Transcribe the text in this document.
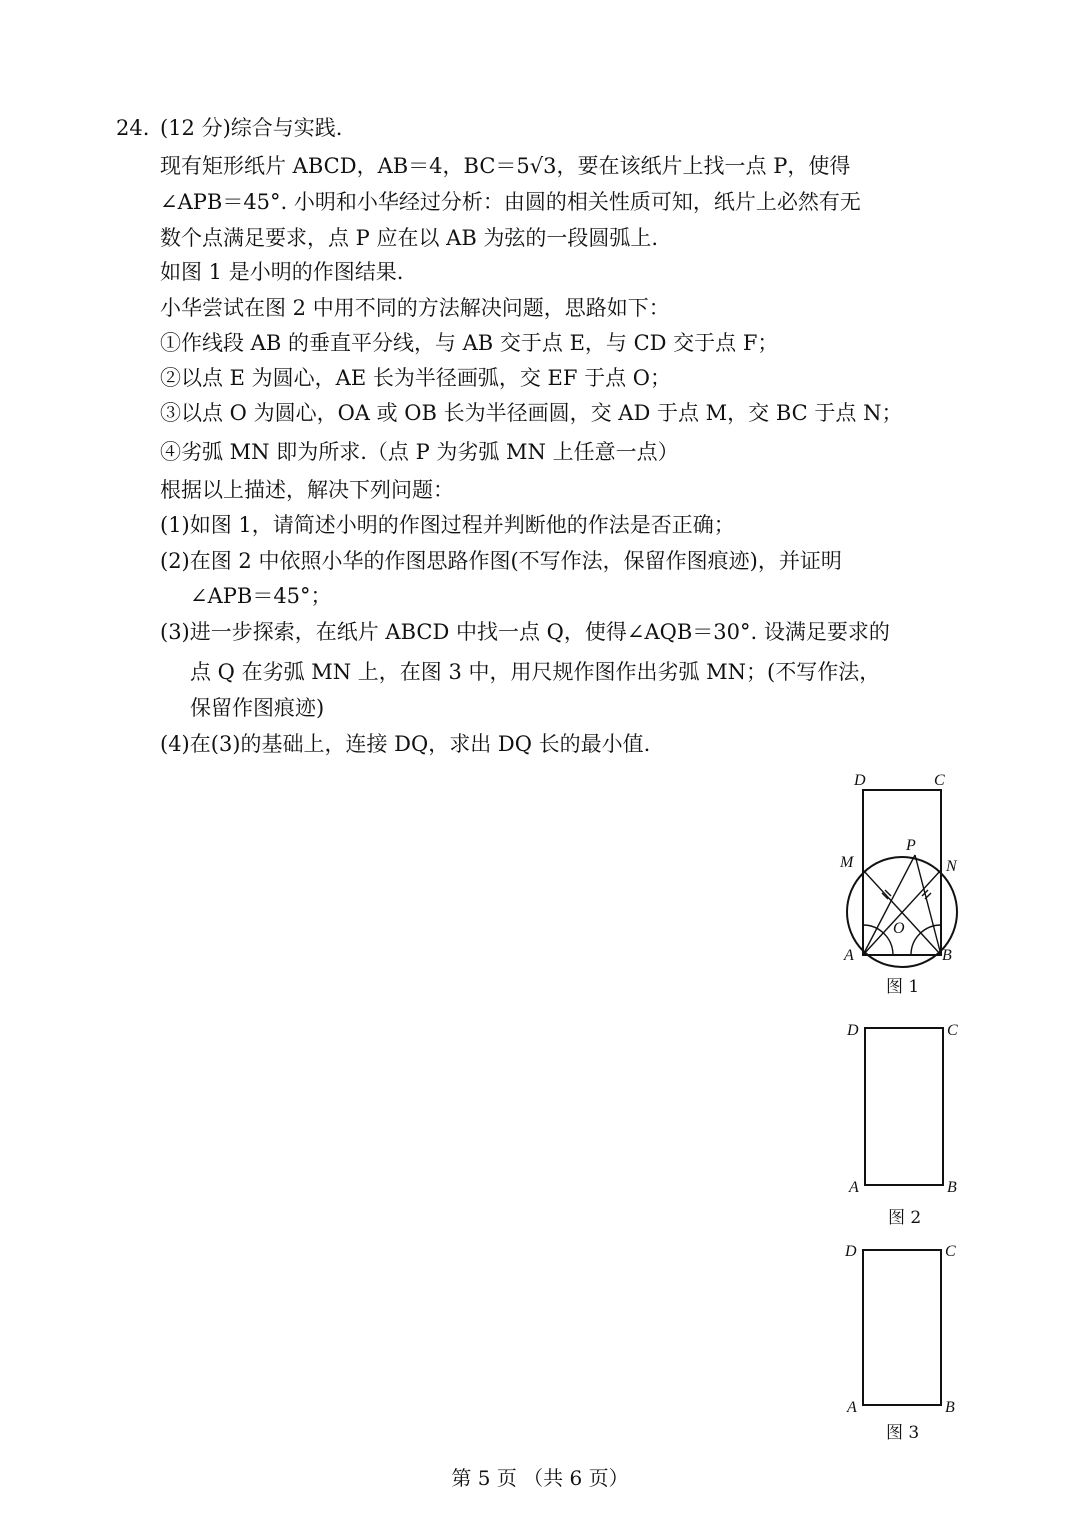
24. (12 分)综合与实践.
现有矩形纸片 ABCD，AB＝4，BC＝5√3，要在该纸片上找一点 P，使得
∠APB＝45°. 小明和小华经过分析：由圆的相关性质可知，纸片上必然有无
数个点满足要求，点 P 应在以 AB 为弦的一段圆弧上.
如图 1 是小明的作图结果.
小华尝试在图 2 中用不同的方法解决问题，思路如下：
①作线段 AB 的垂直平分线，与 AB 交于点 E，与 CD 交于点 F；
②以点 E 为圆心，AE 长为半径画弧，交 EF 于点 O；
③以点 O 为圆心，OA 或 OB 长为半径画圆，交 AD 于点 M，交 BC 于点 N；
④劣弧 MN 即为所求.（点 P 为劣弧 MN 上任意一点）
根据以上描述，解决下列问题：
(1)如图 1，请简述小明的作图过程并判断他的作法是否正确；
(2)在图 2 中依照小华的作图思路作图(不写作法，保留作图痕迹)，并证明
∠APB＝45°；
(3)进一步探索，在纸片 ABCD 中找一点 Q，使得∠AQB＝30°. 设满足要求的
点 Q 在劣弧 MN 上，在图 3 中，用尺规作图作出劣弧 MN；(不写作法，
保留作图痕迹)
(4)在(3)的基础上，连接 DQ，求出 DQ 长的最小值.
D	C
M
P
N
O
A	B
图 1
D	C
A	B
图 2
D	C
A	B
图 3
第 5 页 （共 6 页）
